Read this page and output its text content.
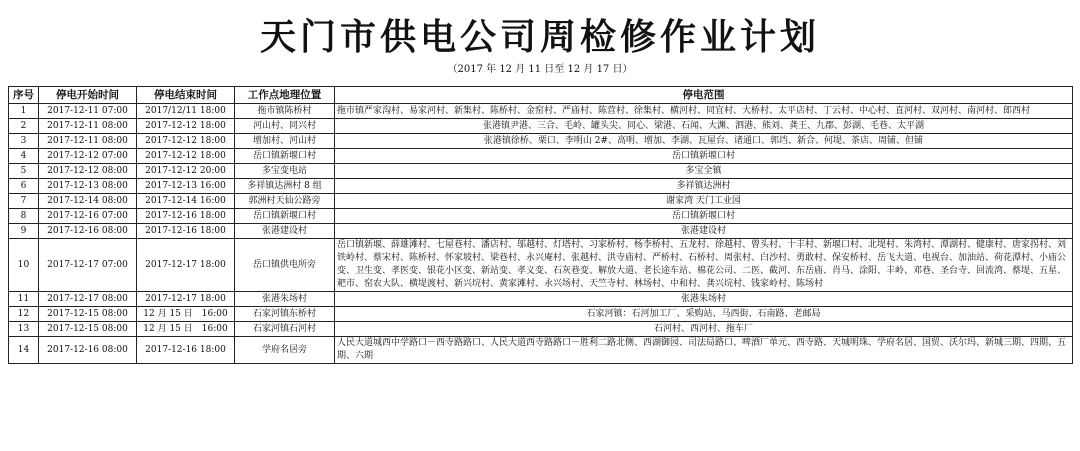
天门市供电公司周检修作业计划
（2017 年 12 月 11 日至 12 月 17 日）
序号	停电开始时间	停电结束时间	工作点地理位置	停电范围
1	2017-12-11 07:00	2017/12/11 18:00	拖市镇陈桥村	拖市镇严家沟村、易家河村、新集村、陈桥村、金窑村、严庙村、陈营村、徐集村、横河村、同宜村、大桥村、太平店村、丁云村、中心村、直河村、双河村、南河村、郎西村
2	2017-12-11 08:00	2017-12-12 18:00	河山村、同兴村	张港镇尹港、三合、毛岭、罐头尖、同心、梁港、石闻、大渊、泗港、熊刘、龚王、九郡、彭湖、毛巷、太平湖
3	2017-12-11 08:00	2017-12-12 18:00	增加村、河山村	张港镇徐桥、栗口、李明山 2#、高明、增加、李湖、瓦屋台、诸通口、郭垱、新合、何堤、茶店、周铺、但铺
4	2017-12-12 07:00	2017-12-12 18:00	岳口镇新堰口村	岳口镇新堰口村
5	2017-12-12 08:00	2017-12-12 20:00	多宝变电站	多宝全镇
6	2017-12-13 08:00	2017-12-13 16:00	多祥镇达洲村 8 组	多祥镇达洲村
7	2017-12-14 08:00	2017-12-14 16:00	郭洲村天仙公路旁	谢家湾 天门工业园
8	2017-12-16 07:00	2017-12-16 18:00	岳口镇新堰口村	岳口镇新堰口村
9	2017-12-16 08:00	2017-12-16 18:00	张港建设村	张港建设村
10	2017-12-17 07:00	2017-12-17 18:00	岳口镇供电所旁	岳口镇新堰、薛雄滩村、七屋巷村、潘店村、邬越村、灯塔村、习家桥村、杨李桥村、五龙村、徐越村、曾头村、十丰村、新堰口村、北堤村、朱湾村、潭湖村、健康村、唐家拐村、刘铁岭村、蔡宋村、陈桥村、怀家坡村、梁巷村、永兴庵村、张越村、洪寺庙村、严桥村、石桥村、周张村、白沙村、勇敢村、保安桥村、岳飞大道、电视台、加油站、荷花潭村、小庙公变、卫生变、孝医变、银花小区变、新站变、孝义变、石灰巷变、解放大道、老长途车站、棉花公司、二医、截河、东岳庙、肖马、涂阳、丰岭、邓巷、圣台寺、回流湾、蔡堤、五星、耙市、窑农大队、横堤渡村、新兴垸村、黄家滩村、永兴场村、天竺寺村、林场村、中和村、龚兴垸村、钱家岭村、陈场村
11	2017-12-17 08:00	2017-12-17 18:00	张港朱场村	张港朱场村
12	2017-12-15 08:00	12 月 15 日　16:00	石家河镇东桥村	石家河镇：石河加工厂、采购站、马西街、石南路、老邮局
13	2017-12-15 08:00	12 月 15 日　16:00	石家河镇石河村	石河村、西河村、拖车厂
14	2017-12-16 08:00	2017-12-16 18:00	学府名居旁	人民大道城西中学路口－西寺路路口、人民大道西寺路路口－胜利二路北侧、西湖御园、司法局路口、啤酒厂单元、西寺路、天城明珠、学府名居、国贸、沃尔玛、新城三期、四期、五期、六期
